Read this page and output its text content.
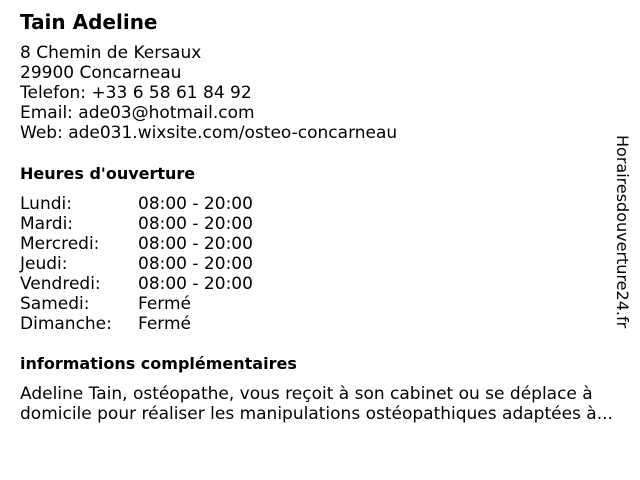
Tain Adeline
8 Chemin de Kersaux
29900 Concarneau
Telefon: +33 6 58 61 84 92
Email: ade03@hotmail.com
Web: ade031.wixsite.com/osteo-concarneau
Heures d'ouverture
Lundi:	08:00 - 20:00
Mardi:	08:00 - 20:00
Mercredi:	08:00 - 20:00
Jeudi:	08:00 - 20:00
Vendredi:	08:00 - 20:00
Samedi:	Fermé
Dimanche:	Fermé
informations complémentaires
Adeline Tain, ostéopathe, vous reçoit à son cabinet ou se déplace à
domicile pour réaliser les manipulations ostéopathiques adaptées à...
Horairesdouverture24.fr
